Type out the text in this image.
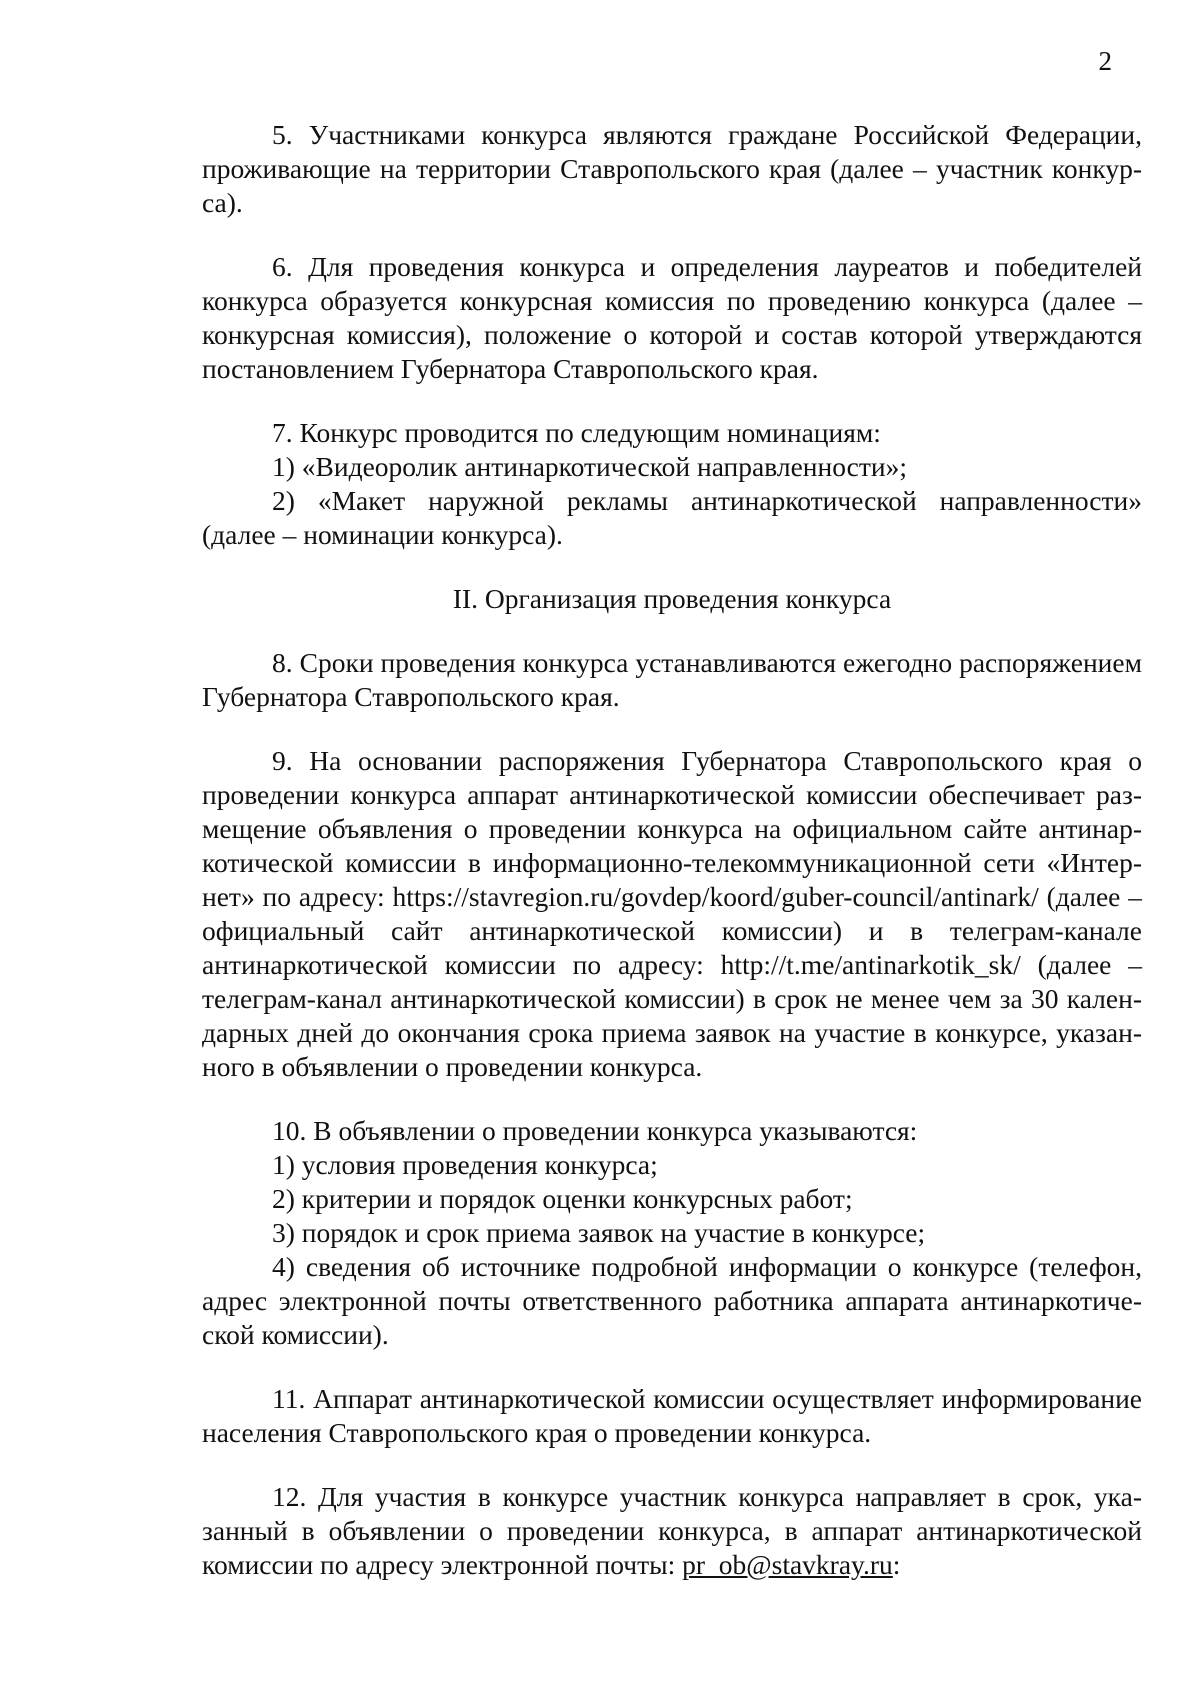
2

5. Участниками конкурса являются граждане Российской Федерации, проживающие на территории Ставропольского края (далее – участник конкурса).

6. Для проведения конкурса и определения лауреатов и победителей конкурса образуется конкурсная комиссия по проведению конкурса (далее – конкурсная комиссия), положение о которой и состав которой утверждаются постановлением Губернатора Ставропольского края.

7. Конкурс проводится по следующим номинациям:

1) «Видеоролик антинаркотической направленности»;

2) «Макет наружной рекламы антинаркотической направленности» (далее – номинации конкурса).

II. Организация проведения конкурса

8. Сроки проведения конкурса устанавливаются ежегодно распоряжением Губернатора Ставропольского края.

9. На основании распоряжения Губернатора Ставропольского края о проведении конкурса аппарат антинаркотической комиссии обеспечивает размещение объявления о проведении конкурса на официальном сайте антинаркотической комиссии в информационно-телекоммуникационной сети «Интернет» по адресу: https://stavregion.ru/govdep/koord/guber-council/antinark/ (далее – официальный сайт антинаркотической комиссии) и в телеграм-канале антинаркотической комиссии по адресу: http://t.me/antinarkotik_sk/ (далее – телеграм-канал антинаркотической комиссии) в срок не менее чем за 30 календарных дней до окончания срока приема заявок на участие в конкурсе, указанного в объявлении о проведении конкурса.

10. В объявлении о проведении конкурса указываются:

1) условия проведения конкурса;

2) критерии и порядок оценки конкурсных работ;

3) порядок и срок приема заявок на участие в конкурсе;

4) сведения об источнике подробной информации о конкурсе (телефон, адрес электронной почты ответственного работника аппарата антинаркотической комиссии).

11. Аппарат антинаркотической комиссии осуществляет информирование населения Ставропольского края о проведении конкурса.

12. Для участия в конкурсе участник конкурса направляет в срок, указанный в объявлении о проведении конкурса, в аппарат антинаркотической комиссии по адресу электронной почты: pr_ob@stavkray.ru:
